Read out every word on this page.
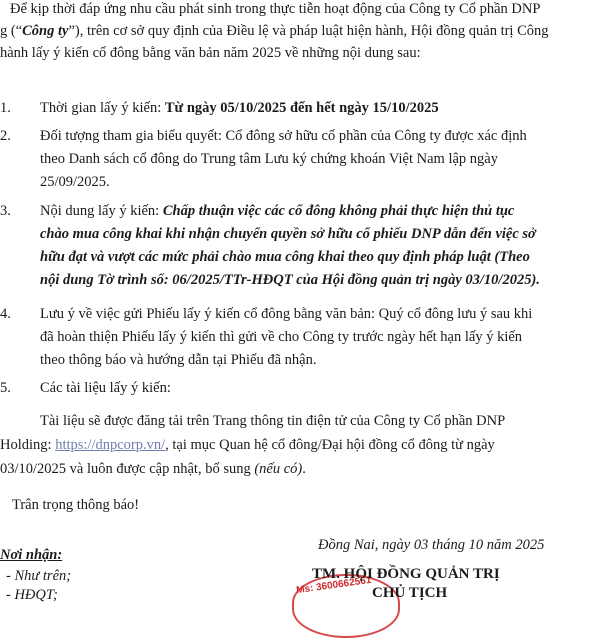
Để kịp thời đáp ứng nhu cầu phát sinh trong thực tiễn hoạt động của Công ty Cổ phần DNP
g (“Công ty”), trên cơ sở quy định của Điều lệ và pháp luật hiện hành, Hội đồng quản trị Công
hành lấy ý kiến cổ đông bằng văn bản năm 2025 về những nội dung sau:
1. Thời gian lấy ý kiến: Từ ngày 05/10/2025 đến hết ngày 15/10/2025
2. Đối tượng tham gia biểu quyết: Cổ đông sở hữu cổ phần của Công ty được xác định
theo Danh sách cổ đông do Trung tâm Lưu ký chứng khoán Việt Nam lập ngày
25/09/2025.
3. Nội dung lấy ý kiến: Chấp thuận việc các cổ đông không phải thực hiện thủ tục
chào mua công khai khi nhận chuyển quyền sở hữu cổ phiếu DNP dẫn đến việc sở
hữu đạt và vượt các mức phải chào mua công khai theo quy định pháp luật (Theo
nội dung Tờ trình số: 06/2025/TTr-HĐQT của Hội đồng quản trị ngày 03/10/2025).
4. Lưu ý về việc gửi Phiếu lấy ý kiến cổ đông bằng văn bản: Quý cổ đông lưu ý sau khi
đã hoàn thiện Phiếu lấy ý kiến thì gửi về cho Công ty trước ngày hết hạn lấy ý kiến
theo thông báo và hướng dẫn tại Phiếu đã nhận.
5. Các tài liệu lấy ý kiến:
Tài liệu sẽ được đăng tải trên Trang thông tin điện tử của Công ty Cổ phần DNP
Holding: https://dnpcorp.vn/, tại mục Quan hệ cổ đông/Đại hội đồng cổ đông từ ngày
03/10/2025 và luôn được cập nhật, bổ sung (nếu có).
Trân trọng thông báo!
Đồng Nai, ngày 03 tháng 10 năm 2025
Nơi nhận:
- Như trên;
- HĐQT;	Ms: 3600662561
TM. HỘI ĐỒNG QUẢN TRỊ
CHỦ TỊCH
